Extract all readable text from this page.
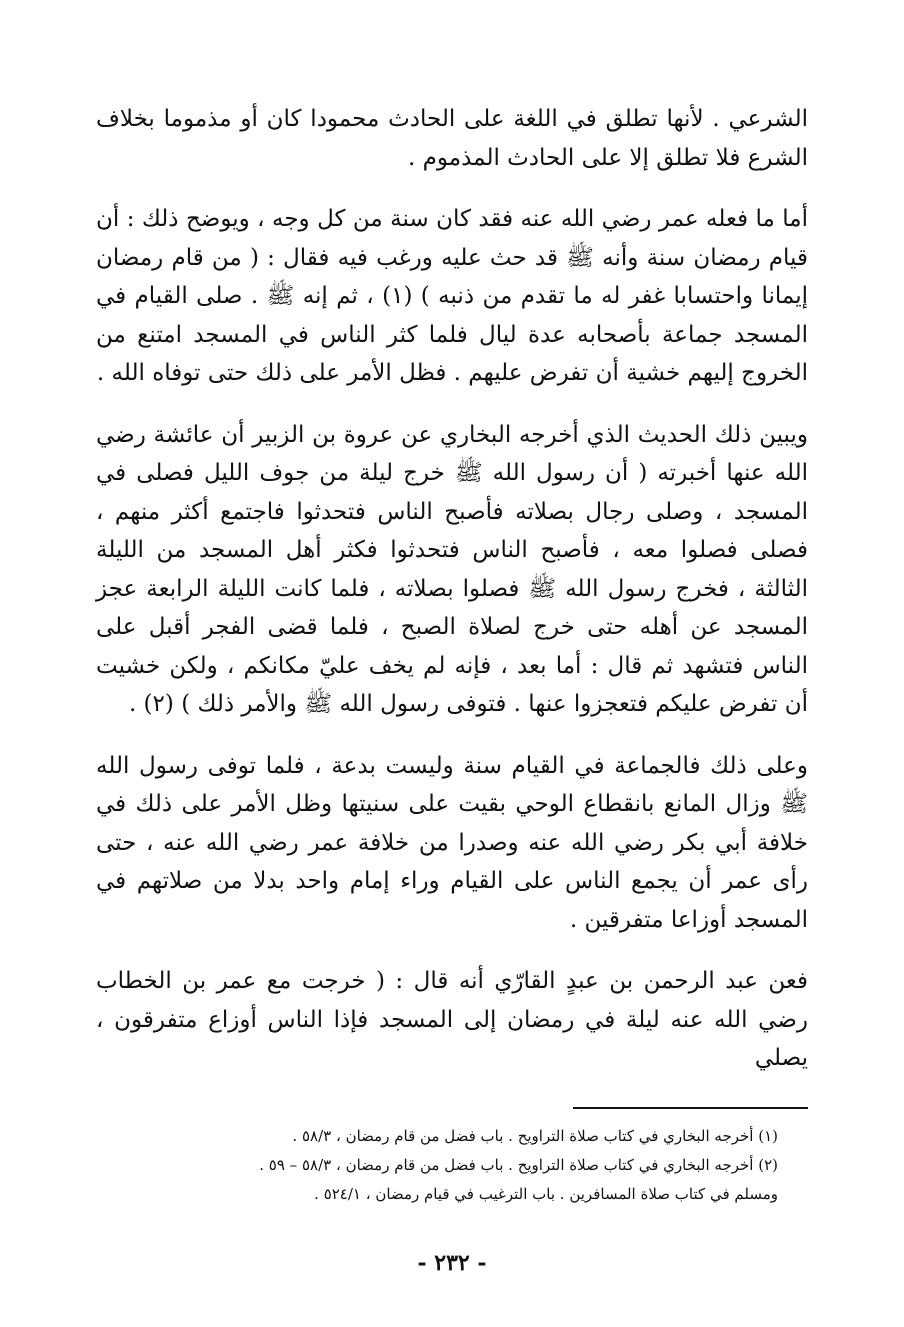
الشرعي . لأنها تطلق في اللغة على الحادث محمودا كان أو مذموما بخلاف الشرع فلا تطلق إلا على الحادث المذموم .

أما ما فعله عمر رضي الله عنه فقد كان سنة من كل وجه ، ويوضح ذلك : أن قيام رمضان سنة وأنه ﷺ قد حث عليه ورغب فيه فقال : ( من قام رمضان إيمانا واحتسابا غفر له ما تقدم من ذنبه ) (١) ، ثم إنه ﷺ . صلى القيام في المسجد جماعة بأصحابه عدة ليال فلما كثر الناس في المسجد امتنع من الخروج إليهم خشية أن تفرض عليهم . فظل الأمر على ذلك حتى توفاه الله .

ويبين ذلك الحديث الذي أخرجه البخاري عن عروة بن الزبير أن عائشة رضي الله عنها أخبرته ( أن رسول الله ﷺ خرج ليلة من جوف الليل فصلى في المسجد ، وصلى رجال بصلاته فأصبح الناس فتحدثوا فاجتمع أكثر منهم ، فصلى فصلوا معه ، فأصبح الناس فتحدثوا فكثر أهل المسجد من الليلة الثالثة ، فخرج رسول الله ﷺ فصلوا بصلاته ، فلما كانت الليلة الرابعة عجز المسجد عن أهله حتى خرج لصلاة الصبح ، فلما قضى الفجر أقبل على الناس فتشهد ثم قال : أما بعد ، فإنه لم يخف عليّ مكانكم ، ولكن خشيت أن تفرض عليكم فتعجزوا عنها . فتوفى رسول الله ﷺ والأمر ذلك ) (٢) .

وعلى ذلك فالجماعة في القيام سنة وليست بدعة ، فلما توفى رسول الله ﷺ وزال المانع بانقطاع الوحي بقيت على سنيتها وظل الأمر على ذلك في خلافة أبي بكر رضي الله عنه وصدرا من خلافة عمر رضي الله عنه ، حتى رأى عمر أن يجمع الناس على القيام وراء إمام واحد بدلا من صلاتهم في المسجد أوزاعا متفرقين .

فعن عبد الرحمن بن عبدٍ القارّي أنه قال : ( خرجت مع عمر بن الخطاب رضي الله عنه ليلة في رمضان إلى المسجد فإذا الناس أوزاع متفرقون ، يصلي

(١) أخرجه البخاري في كتاب صلاة التراويح . باب فضل من قام رمضان ، ٥٨/٣ .

(٢) أخرجه البخاري في كتاب صلاة التراويح . باب فضل من قام رمضان ، ٥٨/٣ – ٥٩ .

ومسلم في كتاب صلاة المسافرين . باب الترغيب في قيام رمضان ، ٥٢٤/١ .

- ٢٣٢ -
